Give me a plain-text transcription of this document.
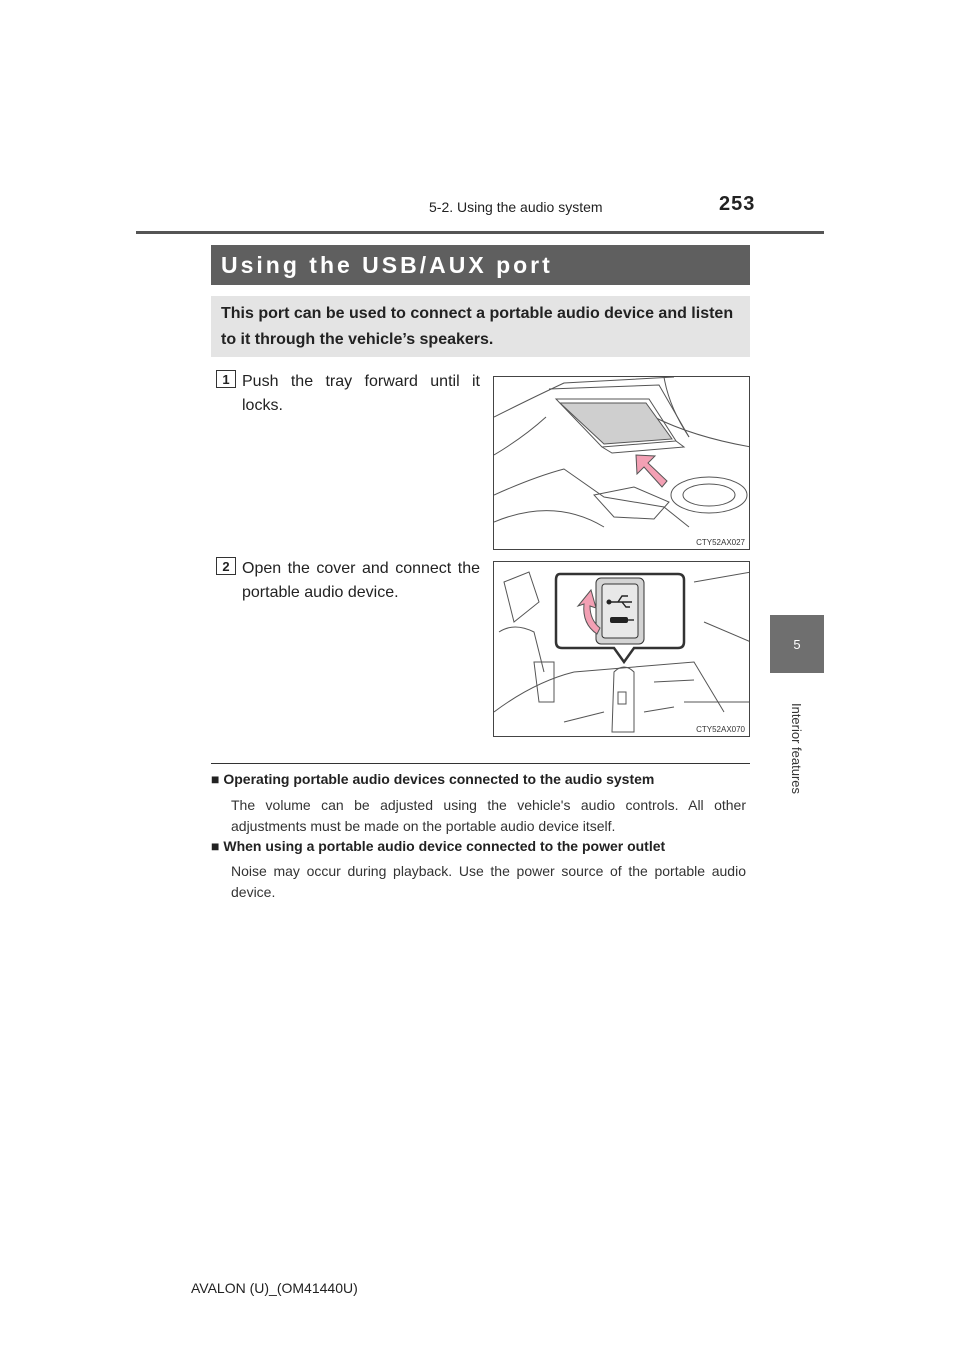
5-2. Using the audio system	253
5
Interior features
Using the USB/AUX port
This port can be used to connect a portable audio device and listen to it through the vehicle’s speakers.
1 Push the tray forward until it locks.
CTY52AX027
2 Open the cover and connect the portable audio device.
CTY52AX070
■ Operating portable audio devices connected to the audio system
The volume can be adjusted using the vehicle's audio controls. All other adjustments must be made on the portable audio device itself.
■ When using a portable audio device connected to the power outlet
Noise may occur during playback. Use the power source of the portable audio device.
AVALON (U)_(OM41440U)
